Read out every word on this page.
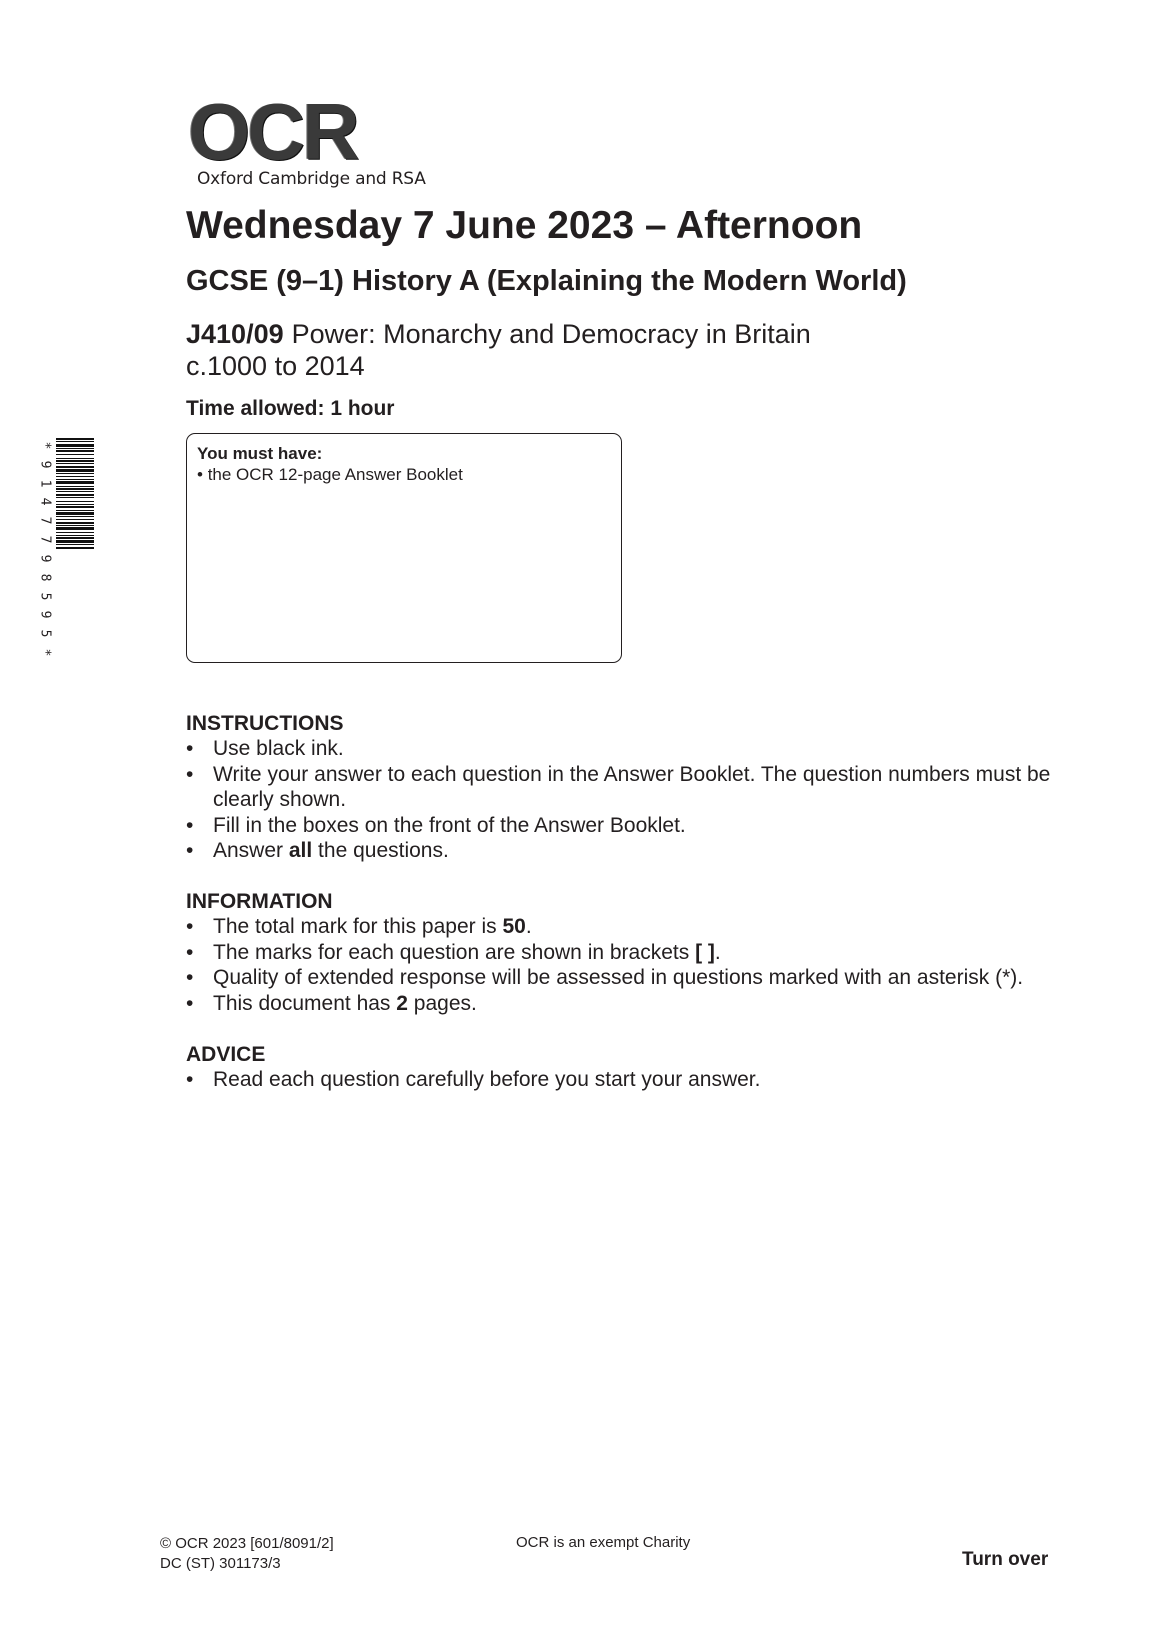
OCR
Oxford Cambridge and RSA
Wednesday 7 June 2023 – Afternoon
GCSE (9–1) History A (Explaining the Modern World)
J410/09 Power: Monarchy and Democracy in Britain
c.1000 to 2014
Time allowed: 1 hour
*
9
1
4
7
7
9
8
5
9
5
*
You must have:
• the OCR 12-page Answer Booklet
INSTRUCTIONS
• Use black ink.
• Write your answer to each question in the Answer Booklet. The question numbers must be clearly shown.
• Fill in the boxes on the front of the Answer Booklet.
• Answer all the questions.
INFORMATION
• The total mark for this paper is 50.
• The marks for each question are shown in brackets [ ].
• Quality of extended response will be assessed in questions marked with an asterisk (*).
• This document has 2 pages.
ADVICE
• Read each question carefully before you start your answer.
© OCR 2023 [601/8091/2]
DC (ST) 301173/3
OCR is an exempt Charity
Turn over
